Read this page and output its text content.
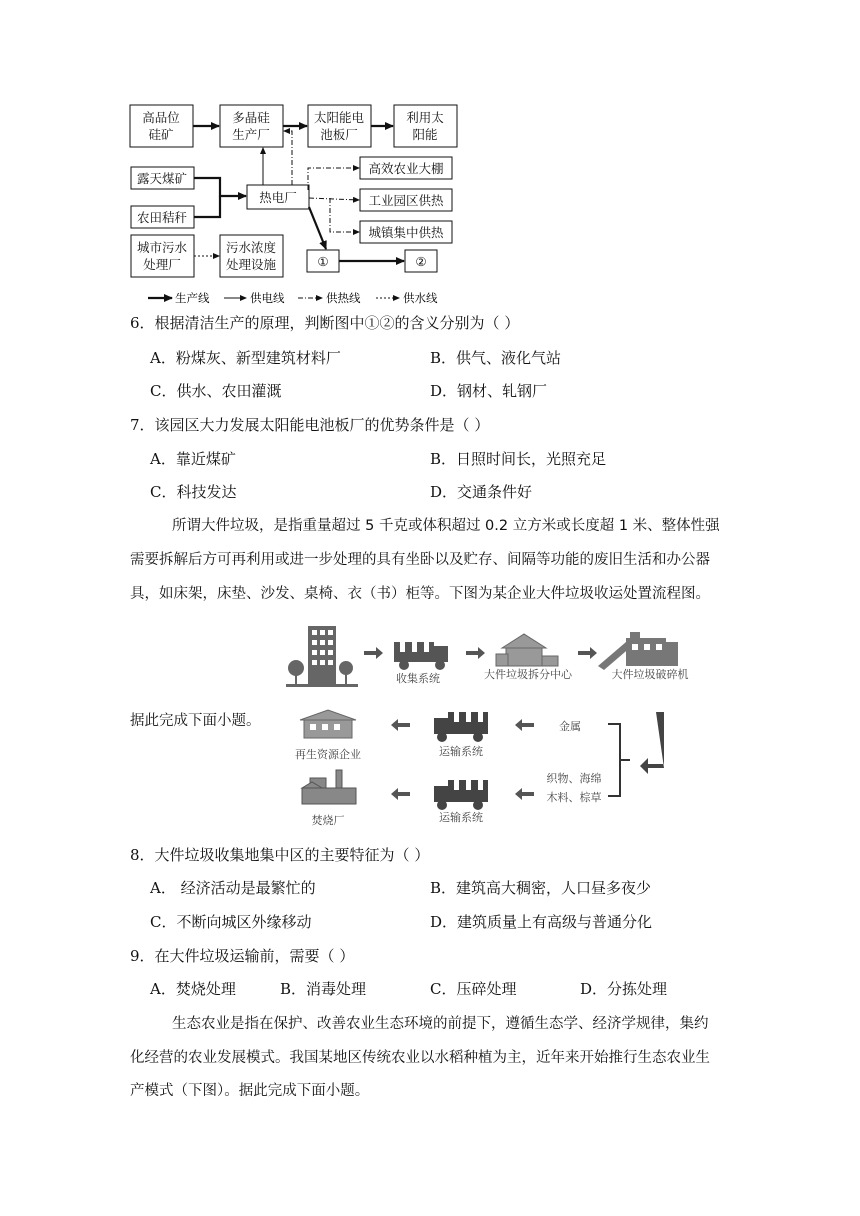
高品位
硅矿
多晶硅
生产厂
太阳能电
池板厂
利用太
阳能
露天煤矿
农田秸秆
热电厂
城市污水
处理厂
污水浓度
处理设施
高效农业大棚
工业园区供热
城镇集中供热
①	②
生产线	供电线	供热线	供水线
6．根据清洁生产的原理，判断图中①②的含义分别为（ ）
A．粉煤灰、新型建筑材料厂	B．供气、液化气站
C．供水、农田灌溉	D．钢材、轧钢厂
7．该园区大力发展太阳能电池板厂的优势条件是（ ）
A．靠近煤矿	B．日照时间长，光照充足
C．科技发达	D．交通条件好
所谓大件垃圾，是指重量超过 5 千克或体积超过 0.2 立方米或长度超 1 米、整体性强
需要拆解后方可再利用或进一步处理的具有坐卧以及贮存、间隔等功能的废旧生活和办公器
具，如床架，床垫、沙发、桌椅、衣（书）柜等。下图为某企业大件垃圾收运处置流程图。
据此完成下面小题。
收集系统	大件垃圾拆分中心	大件垃圾破碎机
金属
织物、海绵
木料、棕草
运输系统
运输系统
再生资源企业
焚烧厂
8．大件垃圾收集地集中区的主要特征为（ ）
A． 经济活动是最繁忙的	B．建筑高大稠密，人口昼多夜少
C．不断向城区外缘移动	D．建筑质量上有高级与普通分化
9．在大件垃圾运输前，需要（ ）
A．焚烧处理	B．消毒处理	C．压碎处理	D．分拣处理
生态农业是指在保护、改善农业生态环境的前提下，遵循生态学、经济学规律，集约
化经营的农业发展模式。我国某地区传统农业以水稻种植为主，近年来开始推行生态农业生
产模式（下图）。据此完成下面小题。
